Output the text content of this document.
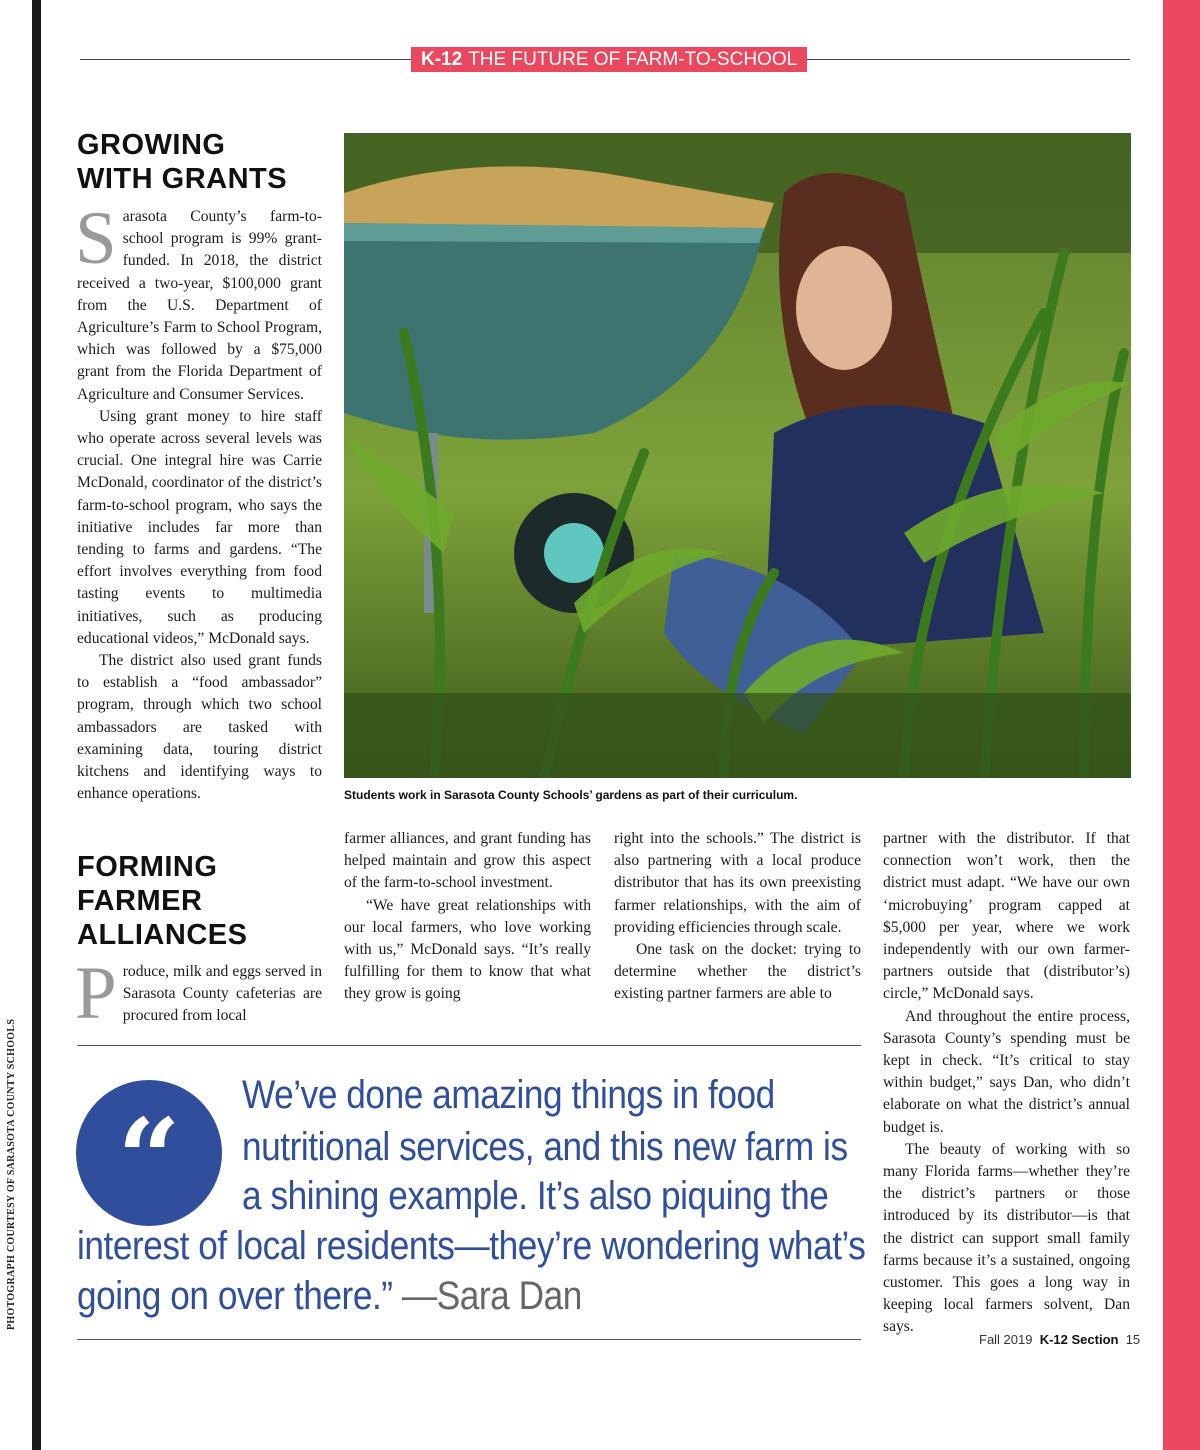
K-12 THE FUTURE OF FARM-TO-SCHOOL
PHOTOGRAPH COURTESY OF SARASOTA COUNTY SCHOOLS
GROWING
WITH GRANTS

Sarasota County’s farm-to-school program is 99% grant-funded. In 2018, the district received a two-year, $100,000 grant from the U.S. Department of Agriculture’s Farm to School Program, which was followed by a $75,000 grant from the Florida Department of Agriculture and Consumer Services.

Using grant money to hire staff who operate across several levels was crucial. One integral hire was Carrie McDonald, coordinator of the district’s farm-to-school program, who says the initiative includes far more than tending to farms and gardens. “The effort involves everything from food tasting events to multimedia initiatives, such as producing educational videos,” McDonald says.

The district also used grant funds to establish a “food ambassador” program, through which two school ambassadors are tasked with examining data, touring district kitchens and identifying ways to enhance operations.

FORMING
FARMER
ALLIANCES

Produce, milk and eggs served in Sarasota County cafeterias are procured from local

Students work in Sarasota County Schools’ gardens as part of their curriculum.

farmer alliances, and grant funding has helped maintain and grow this aspect of the farm-to-school investment.

“We have great relationships with our local farmers, who love working with us,” McDonald says. “It’s really fulfilling for them to know that what they grow is going

right into the schools.” The district is also partnering with a local produce distributor that has its own preexisting farmer relationships, with the aim of providing efficiencies through scale.

One task on the docket: trying to determine whether the district’s existing partner farmers are able to

partner with the distributor. If that connection won’t work, then the district must adapt. “We have our own ‘microbuying’ program capped at $5,000 per year, where we work independently with our own farmer-partners outside that (distributor’s) circle,” McDonald says.

And throughout the entire process, Sarasota County’s spending must be kept in check. “It’s critical to stay within budget,” says Dan, who didn’t elaborate on what the district’s annual budget is.

The beauty of working with so many Florida farms—whether they’re the district’s partners or those introduced by its distributor—is that the district can support small family farms because it’s a sustained, ongoing customer. This goes a long way in keeping local farmers solvent, Dan says.

“	We’ve done amazing things in food
nutritional services, and this new farm is
a shining example. It’s also piquing the
interest of local residents—they’re wondering what’s
going on over there.” —Sara Dan
Fall 2019 K-12 Section 15
